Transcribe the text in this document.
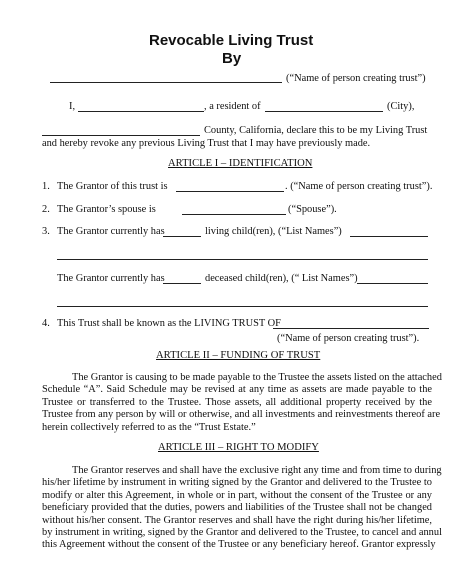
Revocable Living Trust
By
(“Name of person creating trust”)
I,	, a resident of	(City),
County, California, declare this to be my Living Trust
and hereby revoke any previous Living Trust that I may have previously made.
ARTICLE I – IDENTIFICATION
1. The Grantor of this trust is	. (“Name of person creating trust”).
2. The Grantor’s spouse is	(“Spouse”).
3. The Grantor currently has	living child(ren), (“List Names”)
The Grantor currently has	deceased child(ren), (“ List Names”)
4. This Trust shall be known as the LIVING TRUST OF
(“Name of person creating trust”).
ARTICLE II – FUNDING OF TRUST
The Grantor is causing to be made payable to the Trustee the assets listed on the attached
Schedule “A”. Said Schedule may be revised at any time as assets are made payable to the
Trustee or transferred to the Trustee. Those assets, all additional property received by the
Trustee from any person by will or otherwise, and all investments and reinvestments thereof are
herein collectively referred to as the “Trust Estate.”
ARTICLE III – RIGHT TO MODIFY
The Grantor reserves and shall have the exclusive right any time and from time to during
his/her lifetime by instrument in writing signed by the Grantor and delivered to the Trustee to
modify or alter this Agreement, in whole or in part, without the consent of the Trustee or any
beneficiary provided that the duties, powers and liabilities of the Trustee shall not be changed
without his/her consent. The Grantor reserves and shall have the right during his/her lifetime,
by instrument in writing, signed by the Grantor and delivered to the Trustee, to cancel and annul
this Agreement without the consent of the Trustee or any beneficiary hereof. Grantor expressly
